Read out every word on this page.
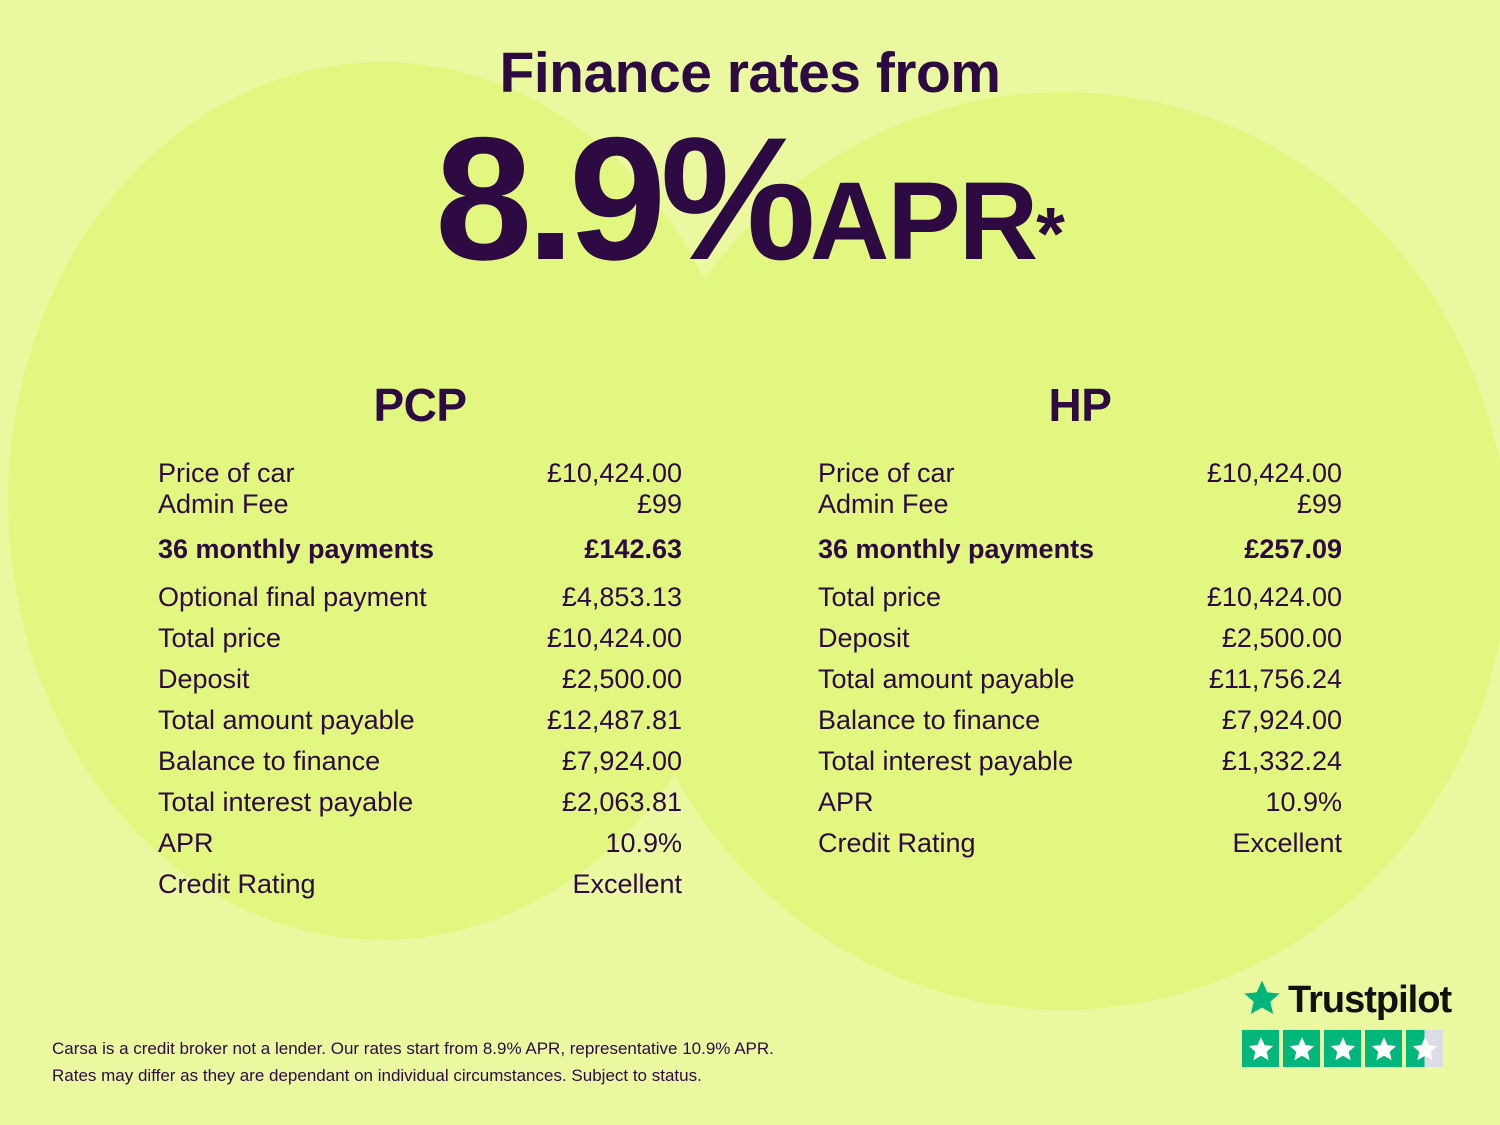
Finance rates from
8.9%APR*
PCP
Price of car	£10,424.00
Admin Fee	£99
36 monthly payments	£142.63
Optional final payment	£4,853.13
Total price	£10,424.00
Deposit	£2,500.00
Total amount payable	£12,487.81
Balance to finance	£7,924.00
Total interest payable	£2,063.81
APR	10.9%
Credit Rating	Excellent
HP
Price of car	£10,424.00
Admin Fee	£99
36 monthly payments	£257.09
Total price	£10,424.00
Deposit	£2,500.00
Total amount payable	£11,756.24
Balance to finance	£7,924.00
Total interest payable	£1,332.24
APR	10.9%
Credit Rating	Excellent
Carsa is a credit broker not a lender. Our rates start from 8.9% APR, representative 10.9% APR.
Rates may differ as they are dependant on individual circumstances. Subject to status.
Trustpilot
